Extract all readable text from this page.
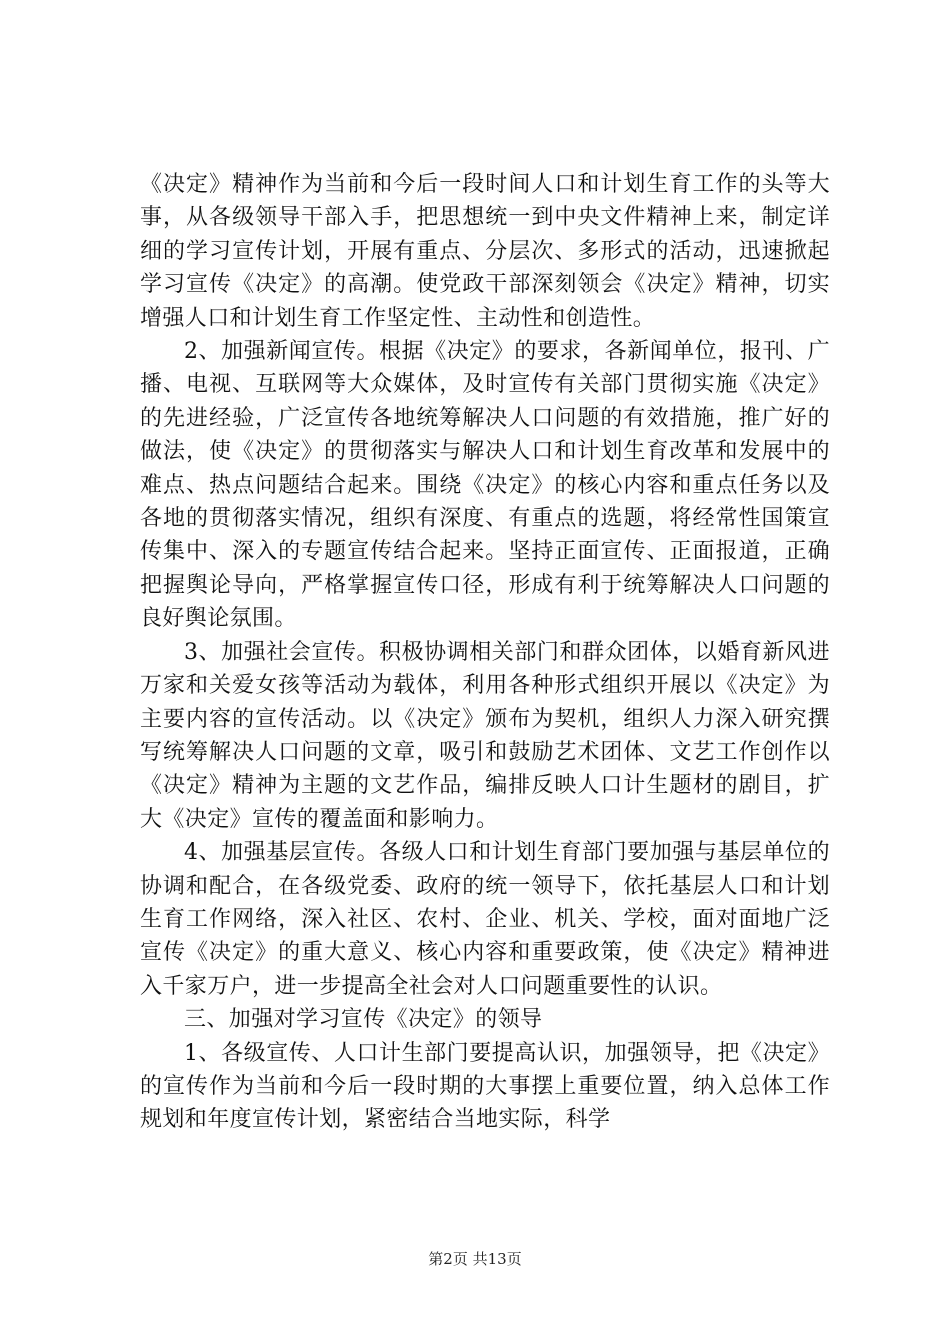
《决定》精神作为当前和今后一段时间人口和计划生育工作的头等大事，从各级领导干部入手，把思想统一到中央文件精神上来，制定详细的学习宣传计划，开展有重点、分层次、多形式的活动，迅速掀起学习宣传《决定》的高潮。使党政干部深刻领会《决定》精神，切实增强人口和计划生育工作坚定性、主动性和创造性。

2、加强新闻宣传。根据《决定》的要求，各新闻单位，报刊、广播、电视、互联网等大众媒体，及时宣传有关部门贯彻实施《决定》的先进经验，广泛宣传各地统筹解决人口问题的有效措施，推广好的做法，使《决定》的贯彻落实与解决人口和计划生育改革和发展中的难点、热点问题结合起来。围绕《决定》的核心内容和重点任务以及各地的贯彻落实情况，组织有深度、有重点的选题，将经常性国策宣传集中、深入的专题宣传结合起来。坚持正面宣传、正面报道，正确把握舆论导向，严格掌握宣传口径，形成有利于统筹解决人口问题的良好舆论氛围。

3、加强社会宣传。积极协调相关部门和群众团体，以婚育新风进万家和关爱女孩等活动为载体，利用各种形式组织开展以《决定》为主要内容的宣传活动。以《决定》颁布为契机，组织人力深入研究撰写统筹解决人口问题的文章，吸引和鼓励艺术团体、文艺工作创作以《决定》精神为主题的文艺作品，编排反映人口计生题材的剧目，扩大《决定》宣传的覆盖面和影响力。

4、加强基层宣传。各级人口和计划生育部门要加强与基层单位的协调和配合，在各级党委、政府的统一领导下，依托基层人口和计划生育工作网络，深入社区、农村、企业、机关、学校，面对面地广泛宣传《决定》的重大意义、核心内容和重要政策，使《决定》精神进入千家万户，进一步提高全社会对人口问题重要性的认识。

三、加强对学习宣传《决定》的领导

1、各级宣传、人口计生部门要提高认识，加强领导，把《决定》的宣传作为当前和今后一段时期的大事摆上重要位置，纳入总体工作规划和年度宣传计划，紧密结合当地实际，科学

第2页 共13页
